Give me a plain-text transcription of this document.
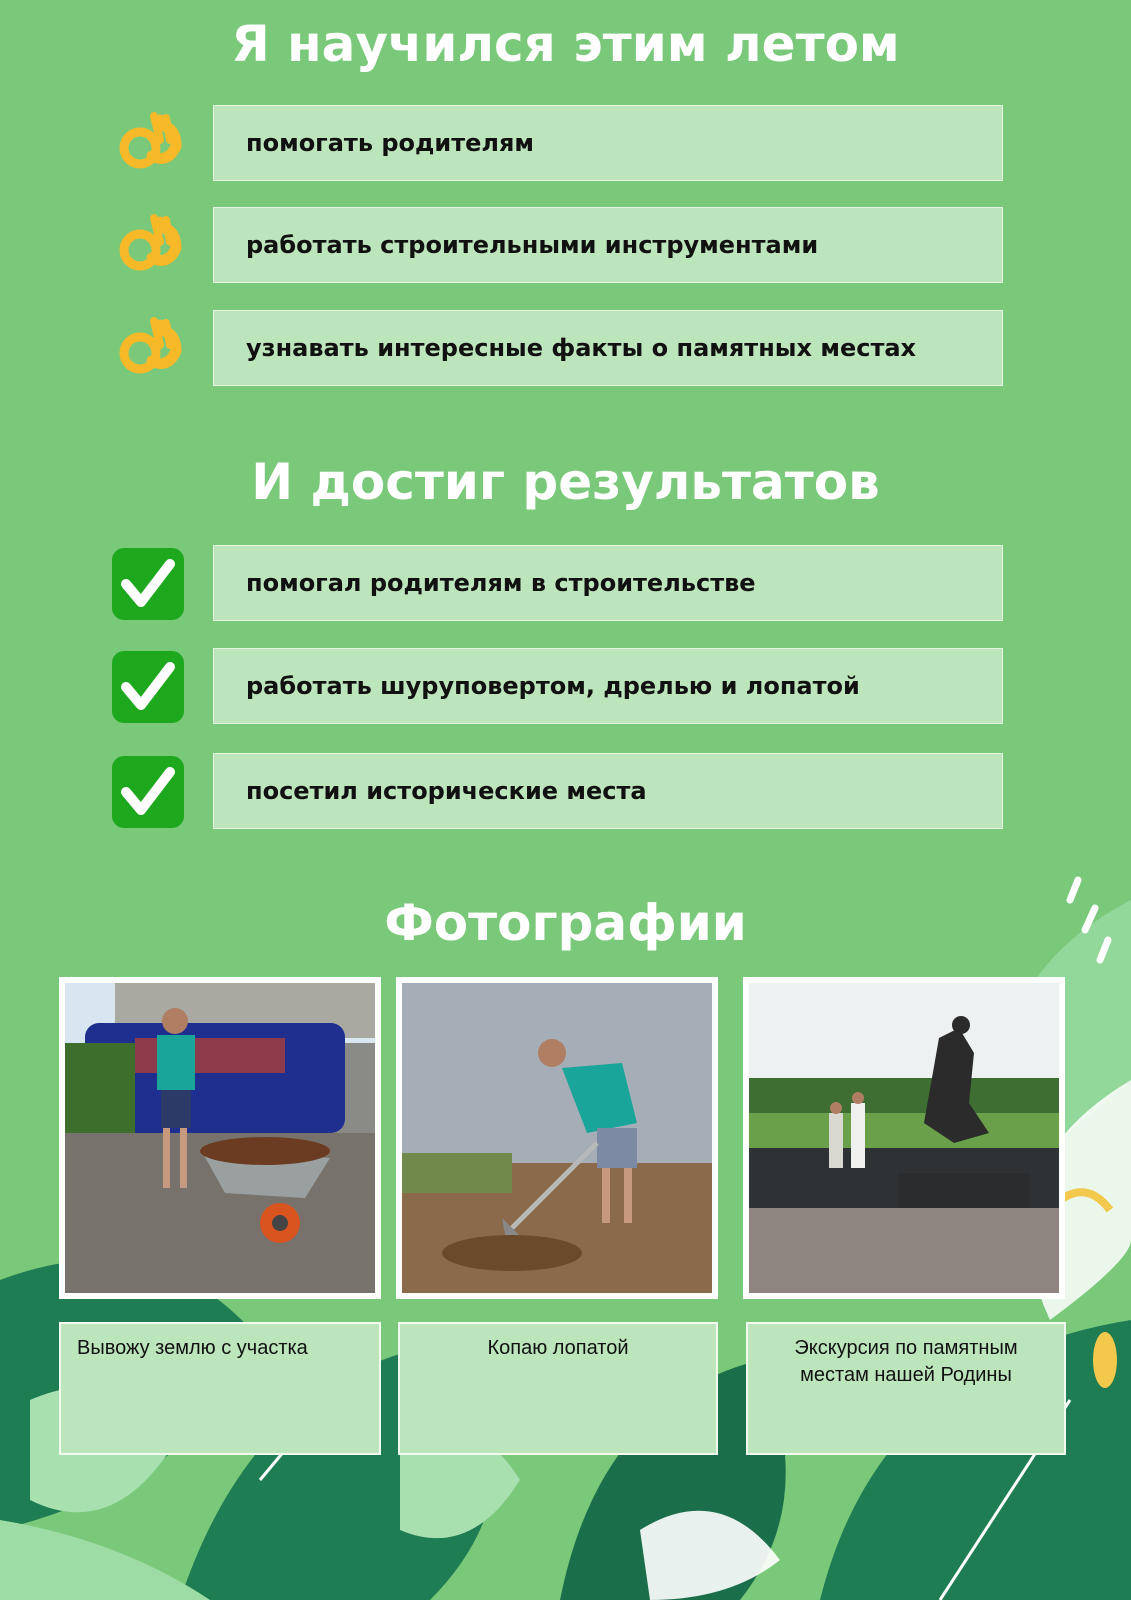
Я научился этим летом
помогать родителям
работать строительными инструментами
узнавать интересные факты о памятных местах
И достиг результатов
помогал родителям в строительстве
работать шуруповертом, дрелью и лопатой
посетил исторические места
Фотографии
Вывожу землю с участка	Копаю лопатой	Экскурсия по памятным местам нашей Родины
